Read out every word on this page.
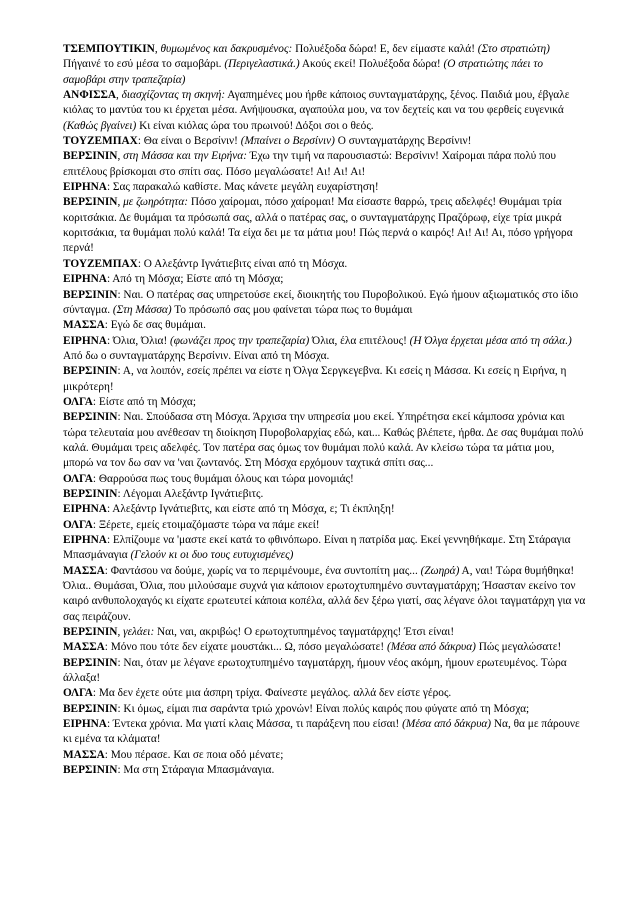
ΤΣΕΜΠΟΥΤΙΚΙΝ, θυμωμένος και δακρυσμένος: Πολυέξοδα δώρα! Ε, δεν είμαστε καλά! (Στο στρατιώτη) Πήγαινέ το εσύ μέσα το σαμοβάρι. (Περιγελαστικά.) Ακούς εκεί! Πολυέξοδα δώρα! (Ο στρατιώτης πάει το σαμοβάρι στην τραπεζαρία)

ΑΝΦΙΣΣΑ, διασχίζοντας τη σκηνή: Αγαπημένες μου ήρθε κάποιος συνταγματάρχης, ξένος. Παιδιά μου, έβγαλε κιόλας το μαντύα του κι έρχεται μέσα. Ανήψουσκα, αγαπούλα μου, να τον δεχτείς και να του φερθείς ευγενικά (Καθώς βγαίνει) Κι είναι κιόλας ώρα του πρωινού! Δόξοι σοι ο θεός.

ΤΟΥΖΕΜΠΑΧ: Θα είναι ο Βερσίνιν! (Μπαίνει ο Βερσίνιν) Ο συνταγματάρχης Βερσίνιν!

ΒΕΡΣΙΝΙΝ, στη Μάσσα και την Ειρήνα: Έχω την τιμή να παρουσιαστώ: Βερσίνιν! Χαίρομαι πάρα πολύ που επιτέλους βρίσκομαι στο σπίτι σας. Πόσο μεγαλώσατε! Αι! Αι! Αι!

ΕΙΡΗΝΑ: Σας παρακαλώ καθίστε. Μας κάνετε μεγάλη ευχαρίστηση!

ΒΕΡΣΙΝΙΝ, με ζωηρότητα: Πόσο χαίρομαι, πόσο χαίρομαι! Μα είσαστε θαρρώ, τρεις αδελφές! Θυμάμαι τρία κοριτσάκια. Δε θυμάμαι τα πρόσωπά σας, αλλά ο πατέρας σας, ο συνταγματάρχης Πραζόρωφ, είχε τρία μικρά κοριτσάκια, τα θυμάμαι πολύ καλά! Τα είχα δει με τα μάτια μου! Πώς περνά ο καιρός! Αι! Αι! Αι, πόσο γρήγορα περνά!

ΤΟΥΖΕΜΠΑΧ: Ο Αλεξάντρ Ιγνάτιεβιτς είναι από τη Μόσχα.

ΕΙΡΗΝΑ: Από τη Μόσχα; Είστε από τη Μόσχα;

ΒΕΡΣΙΝΙΝ: Ναι. Ο πατέρας σας υπηρετούσε εκεί, διοικητής του Πυροβολικού. Εγώ ήμουν αξιωματικός στο ίδιο σύνταγμα. (Στη Μάσσα) Το πρόσωπό σας μου φαίνεται τώρα πως το θυμάμαι

ΜΑΣΣΑ: Εγώ δε σας θυμάμαι.

ΕΙΡΗΝΑ: Όλια, Όλια! (φωνάζει προς την τραπεζαρία) Όλια, έλα επιτέλους! (Η Όλγα έρχεται μέσα από τη σάλα.) Από δω ο συνταγματάρχης Βερσίνιν. Είναι από τη Μόσχα.

ΒΕΡΣΙΝΙΝ: Α, να λοιπόν, εσείς πρέπει να είστε η Όλγα Σεργκεγεβνα. Κι εσείς η Μάσσα. Κι εσείς η Ειρήνα, η μικρότερη!

ΟΛΓΑ: Είστε από τη Μόσχα;

ΒΕΡΣΙΝΙΝ: Ναι. Σπούδασα στη Μόσχα. Άρχισα την υπηρεσία μου εκεί. Υπηρέτησα εκεί κάμποσα χρόνια και τώρα τελευταία μου ανέθεσαν τη διοίκηση Πυροβολαρχίας εδώ, και... Καθώς βλέπετε, ήρθα. Δε σας θυμάμαι πολύ καλά. Θυμάμαι τρεις αδελφές. Τον πατέρα σας όμως τον θυμάμαι πολύ καλά. Αν κλείσω τώρα τα μάτια μου, μπορώ να τον δω σαν να 'ναι ζωντανός. Στη Μόσχα ερχόμουν ταχτικά σπίτι σας...

ΟΛΓΑ: Θαρρούσα πως τους θυμάμαι όλους και τώρα μονομιάς!

ΒΕΡΣΙΝΙΝ: Λέγομαι Αλεξάντρ Ιγνάτιεβιτς.

ΕΙΡΗΝΑ: Αλεξάντρ Ιγνάτιεβιτς, και είστε από τη Μόσχα, ε; Τι έκπληξη!

ΟΛΓΑ: Ξέρετε, εμείς ετοιμαζόμαστε τώρα να πάμε εκεί!

ΕΙΡΗΝΑ: Ελπίζουμε να 'μαστε εκεί κατά το φθινόπωρο. Είναι η πατρίδα μας. Εκεί γεννηθήκαμε. Στη Στάραγια Μπασμάναγια (Γελούν κι οι δυο τους ευτυχισμένες)

ΜΑΣΣΑ: Φαντάσου να δούμε, χωρίς να το περιμένουμε, ένα συντοπίτη μας... (Ζωηρά) Α, ναι! Τώρα θυμήθηκα! Όλια.. Θυμάσαι, Όλια, που μιλούσαμε συχνά για κάποιον ερωτοχτυπημένο συνταγματάρχη; Ήσασταν εκείνο τον καιρό ανθυπολοχαγός κι είχατε ερωτευτεί κάποια κοπέλα, αλλά δεν ξέρω γιατί, σας λέγανε όλοι ταγματάρχη για να σας πειράζουν.

ΒΕΡΣΙΝΙΝ, γελάει: Ναι, ναι, ακριβώς! Ο ερωτοχτυπημένος ταγματάρχης! Έτσι είναι!

ΜΑΣΣΑ: Μόνο που τότε δεν είχατε μουστάκι... Ω, πόσο μεγαλώσατε! (Μέσα από δάκρυα) Πώς μεγαλώσατε!

ΒΕΡΣΙΝΙΝ: Ναι, όταν με λέγανε ερωτοχτυπημένο ταγματάρχη, ήμουν νέος ακόμη, ήμουν ερωτευμένος. Τώρα άλλαξα!

ΟΛΓΑ: Μα δεν έχετε ούτε μια άσπρη τρίχα. Φαίνεστε μεγάλος. αλλά δεν είστε γέρος.

ΒΕΡΣΙΝΙΝ: Κι όμως, είμαι πια σαράντα τριώ χρονών! Είναι πολύς καιρός που φύγατε από τη Μόσχα;

ΕΙΡΗΝΑ: Έντεκα χρόνια. Μα γιατί κλαις Μάσσα, τι παράξενη που είσαι! (Μέσα από δάκρυα) Να, θα με πάρουνε κι εμένα τα κλάματα!

ΜΑΣΣΑ: Μου πέρασε. Και σε ποια οδό μένατε;

ΒΕΡΣΙΝΙΝ: Μα στη Στάραγια Μπασμάναγια.
